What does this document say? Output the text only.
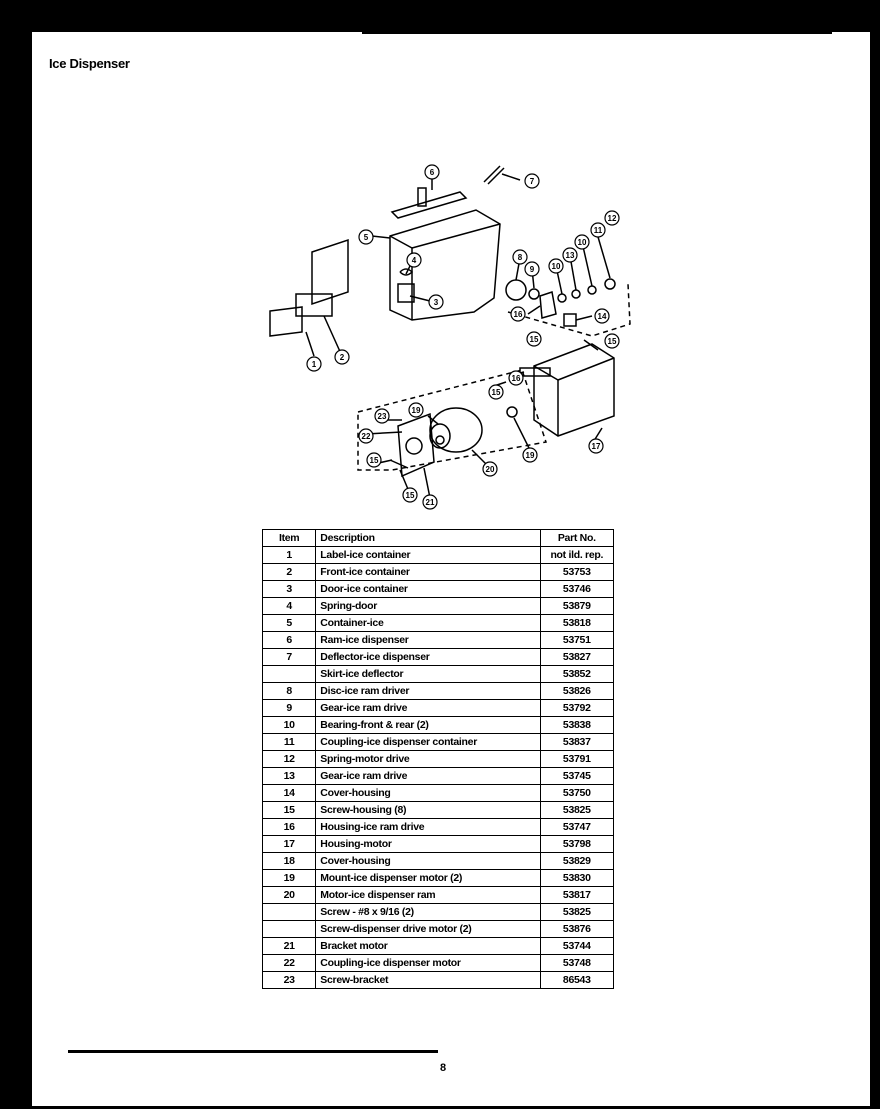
Ice Dispenser
1
2
3
4
5
6
7
8
9 10
13
10
11
12
16	14
15	15
16
15
17
19
19
20
21
15
22
23
15
Item	Description	Part No.
1	Label-ice container	not ild. rep.
2	Front-ice container	53753
3	Door-ice container	53746
4	Spring-door	53879
5	Container-ice	53818
6	Ram-ice dispenser	53751
7	Deflector-ice dispenser	53827
	Skirt-ice deflector	53852
8	Disc-ice ram driver	53826
9	Gear-ice ram drive	53792
10	Bearing-front & rear (2)	53838
11	Coupling-ice dispenser container	53837
12	Spring-motor drive	53791
13	Gear-ice ram drive	53745
14	Cover-housing	53750
15	Screw-housing (8)	53825
16	Housing-ice ram drive	53747
17	Housing-motor	53798
18	Cover-housing	53829
19	Mount-ice dispenser motor (2)	53830
20	Motor-ice dispenser ram	53817
	Screw - #8 x 9/16 (2)	53825
	Screw-dispenser drive motor (2)	53876
21	Bracket motor	53744
22	Coupling-ice dispenser motor	53748
23	Screw-bracket	86543
8
